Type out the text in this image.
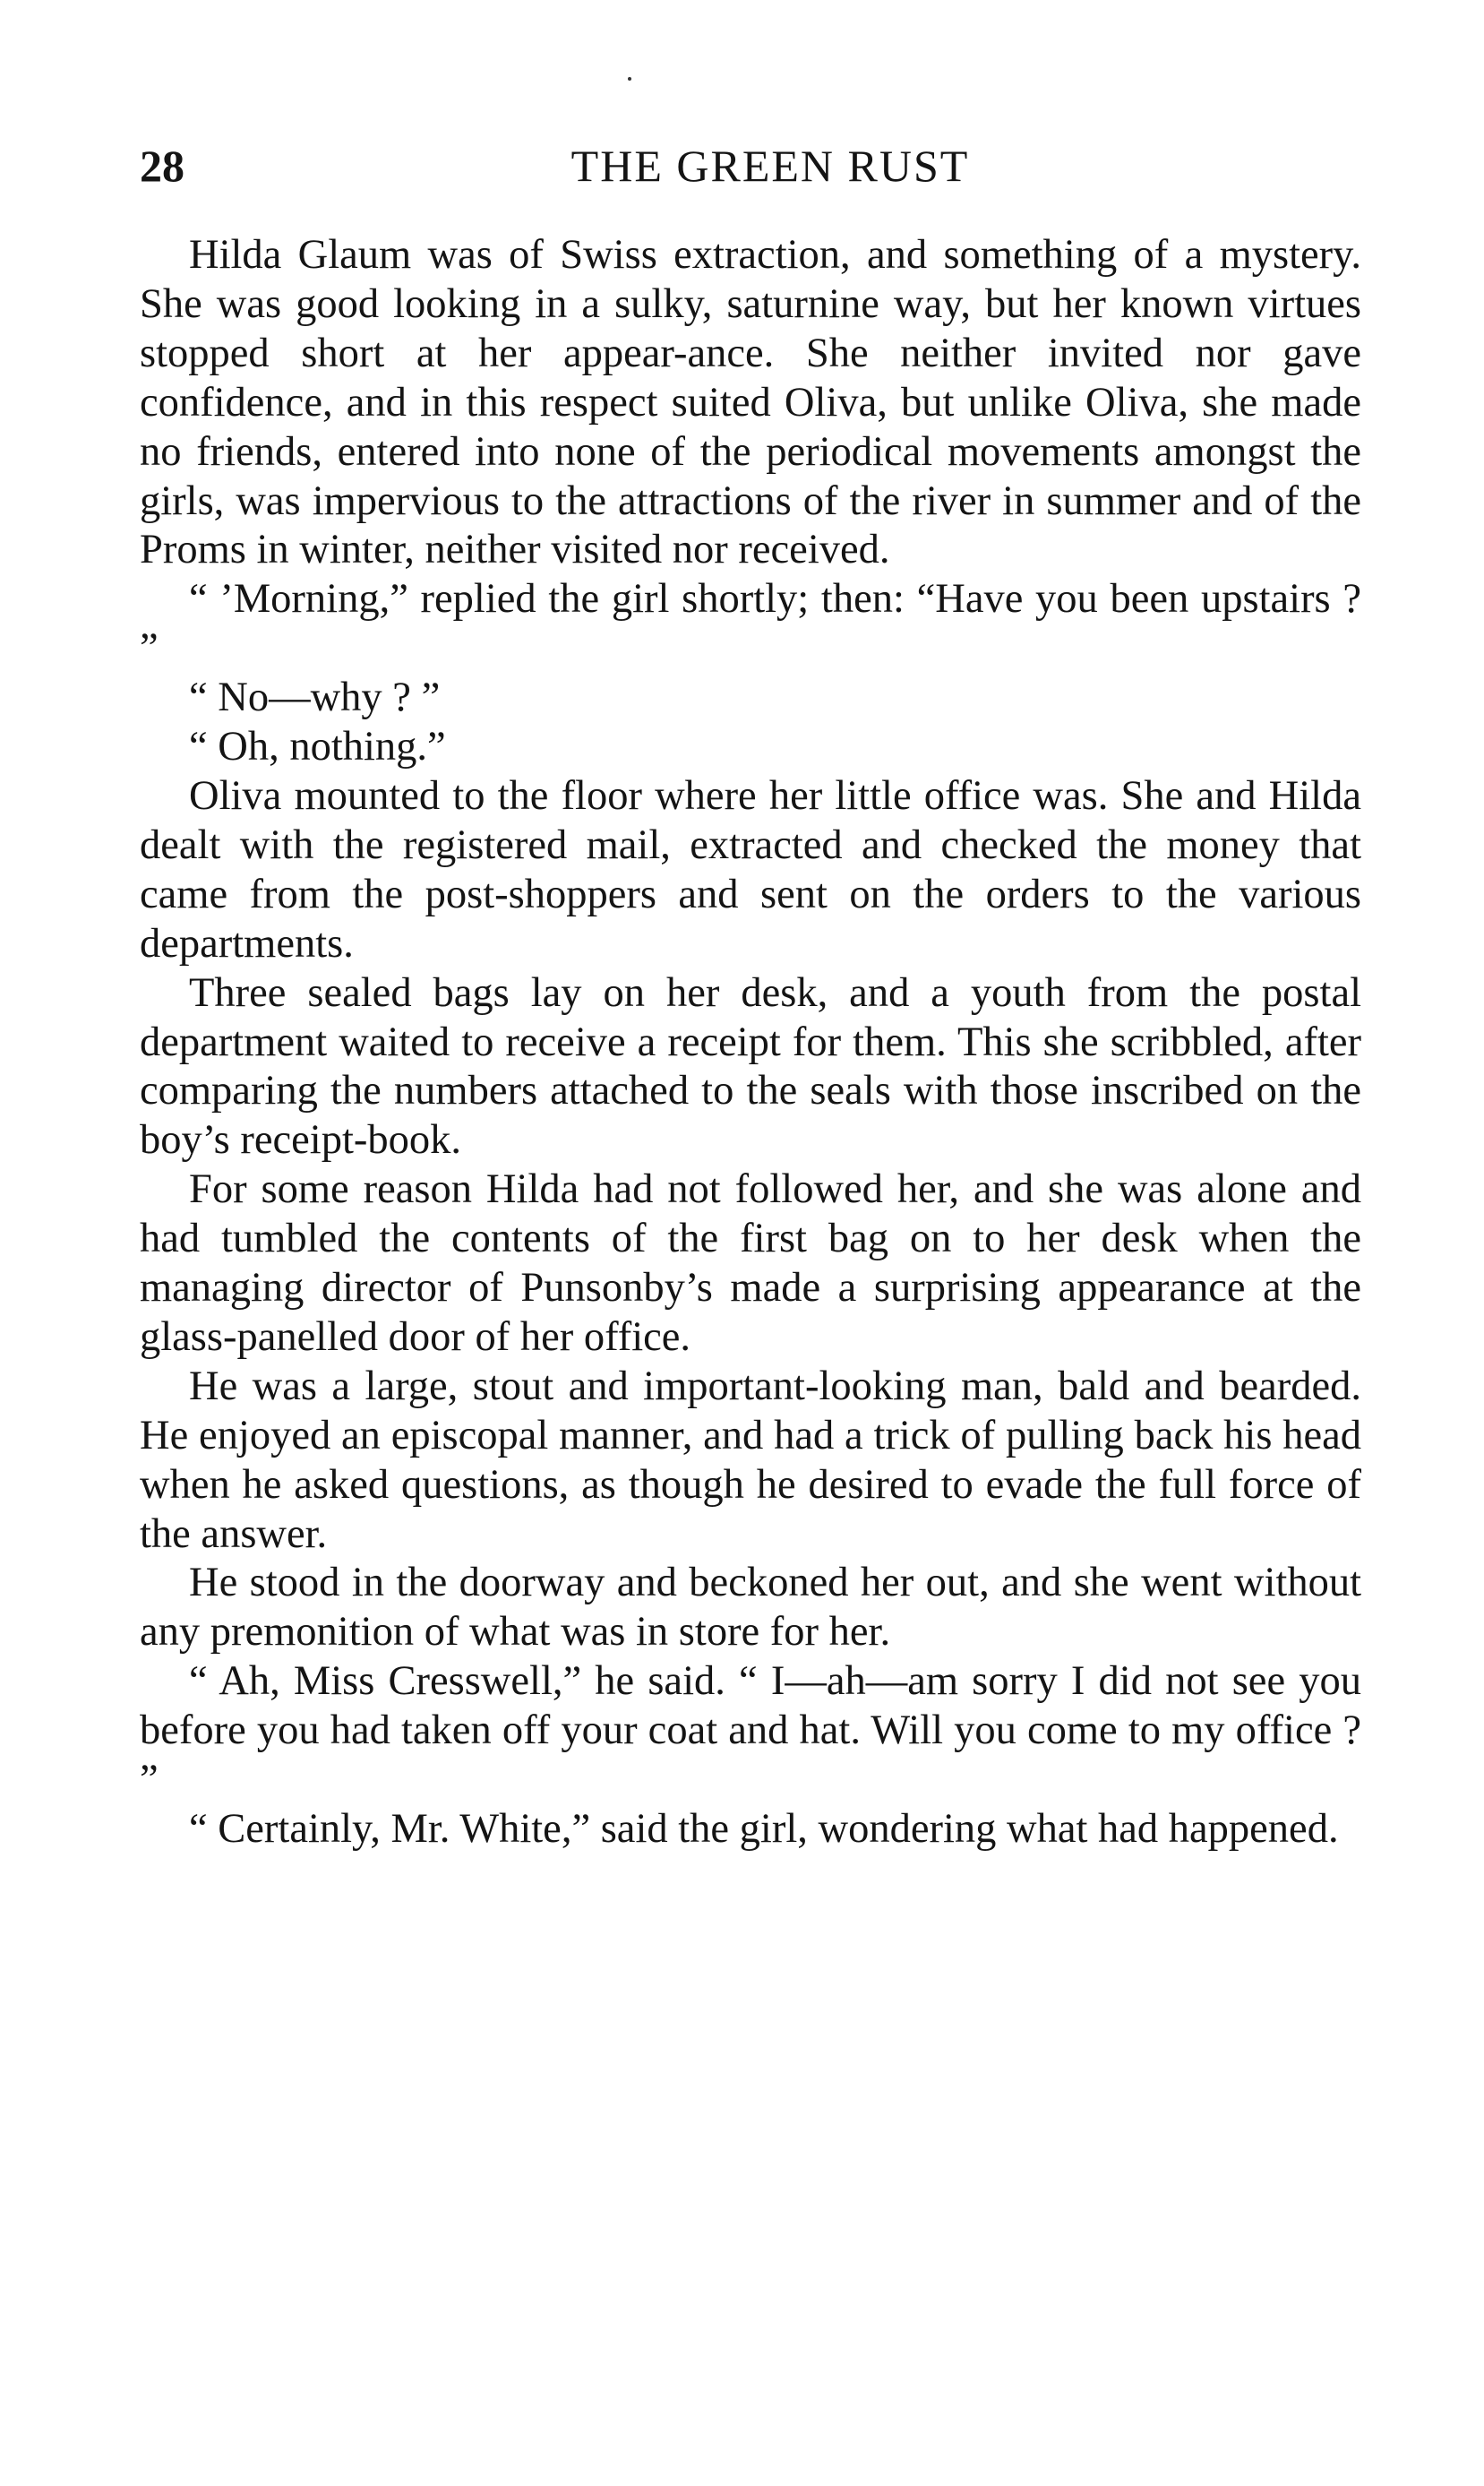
28	THE GREEN RUST

Hilda Glaum was of Swiss extraction, and something of a mystery. She was good looking in a sulky, saturnine way, but her known virtues stopped short at her appear-ance. She neither invited nor gave confidence, and in this respect suited Oliva, but unlike Oliva, she made no friends, entered into none of the periodical movements amongst the girls, was impervious to the attractions of the river in summer and of the Proms in winter, neither visited nor received.

“ ’Morning,” replied the girl shortly; then: “Have you been upstairs ? ”

“ No—why ? ”

“ Oh, nothing.”

Oliva mounted to the floor where her little office was. She and Hilda dealt with the registered mail, extracted and checked the money that came from the post-shoppers and sent on the orders to the various departments.

Three sealed bags lay on her desk, and a youth from the postal department waited to receive a receipt for them. This she scribbled, after comparing the numbers attached to the seals with those inscribed on the boy’s receipt-book.

For some reason Hilda had not followed her, and she was alone and had tumbled the contents of the first bag on to her desk when the managing director of Punsonby’s made a surprising appearance at the glass-panelled door of her office.

He was a large, stout and important-looking man, bald and bearded. He enjoyed an episcopal manner, and had a trick of pulling back his head when he asked questions, as though he desired to evade the full force of the answer.

He stood in the doorway and beckoned her out, and she went without any premonition of what was in store for her.

“ Ah, Miss Cresswell,” he said. “ I—ah—am sorry I did not see you before you had taken off your coat and hat. Will you come to my office ? ”

“ Certainly, Mr. White,” said the girl, wondering what had happened.
